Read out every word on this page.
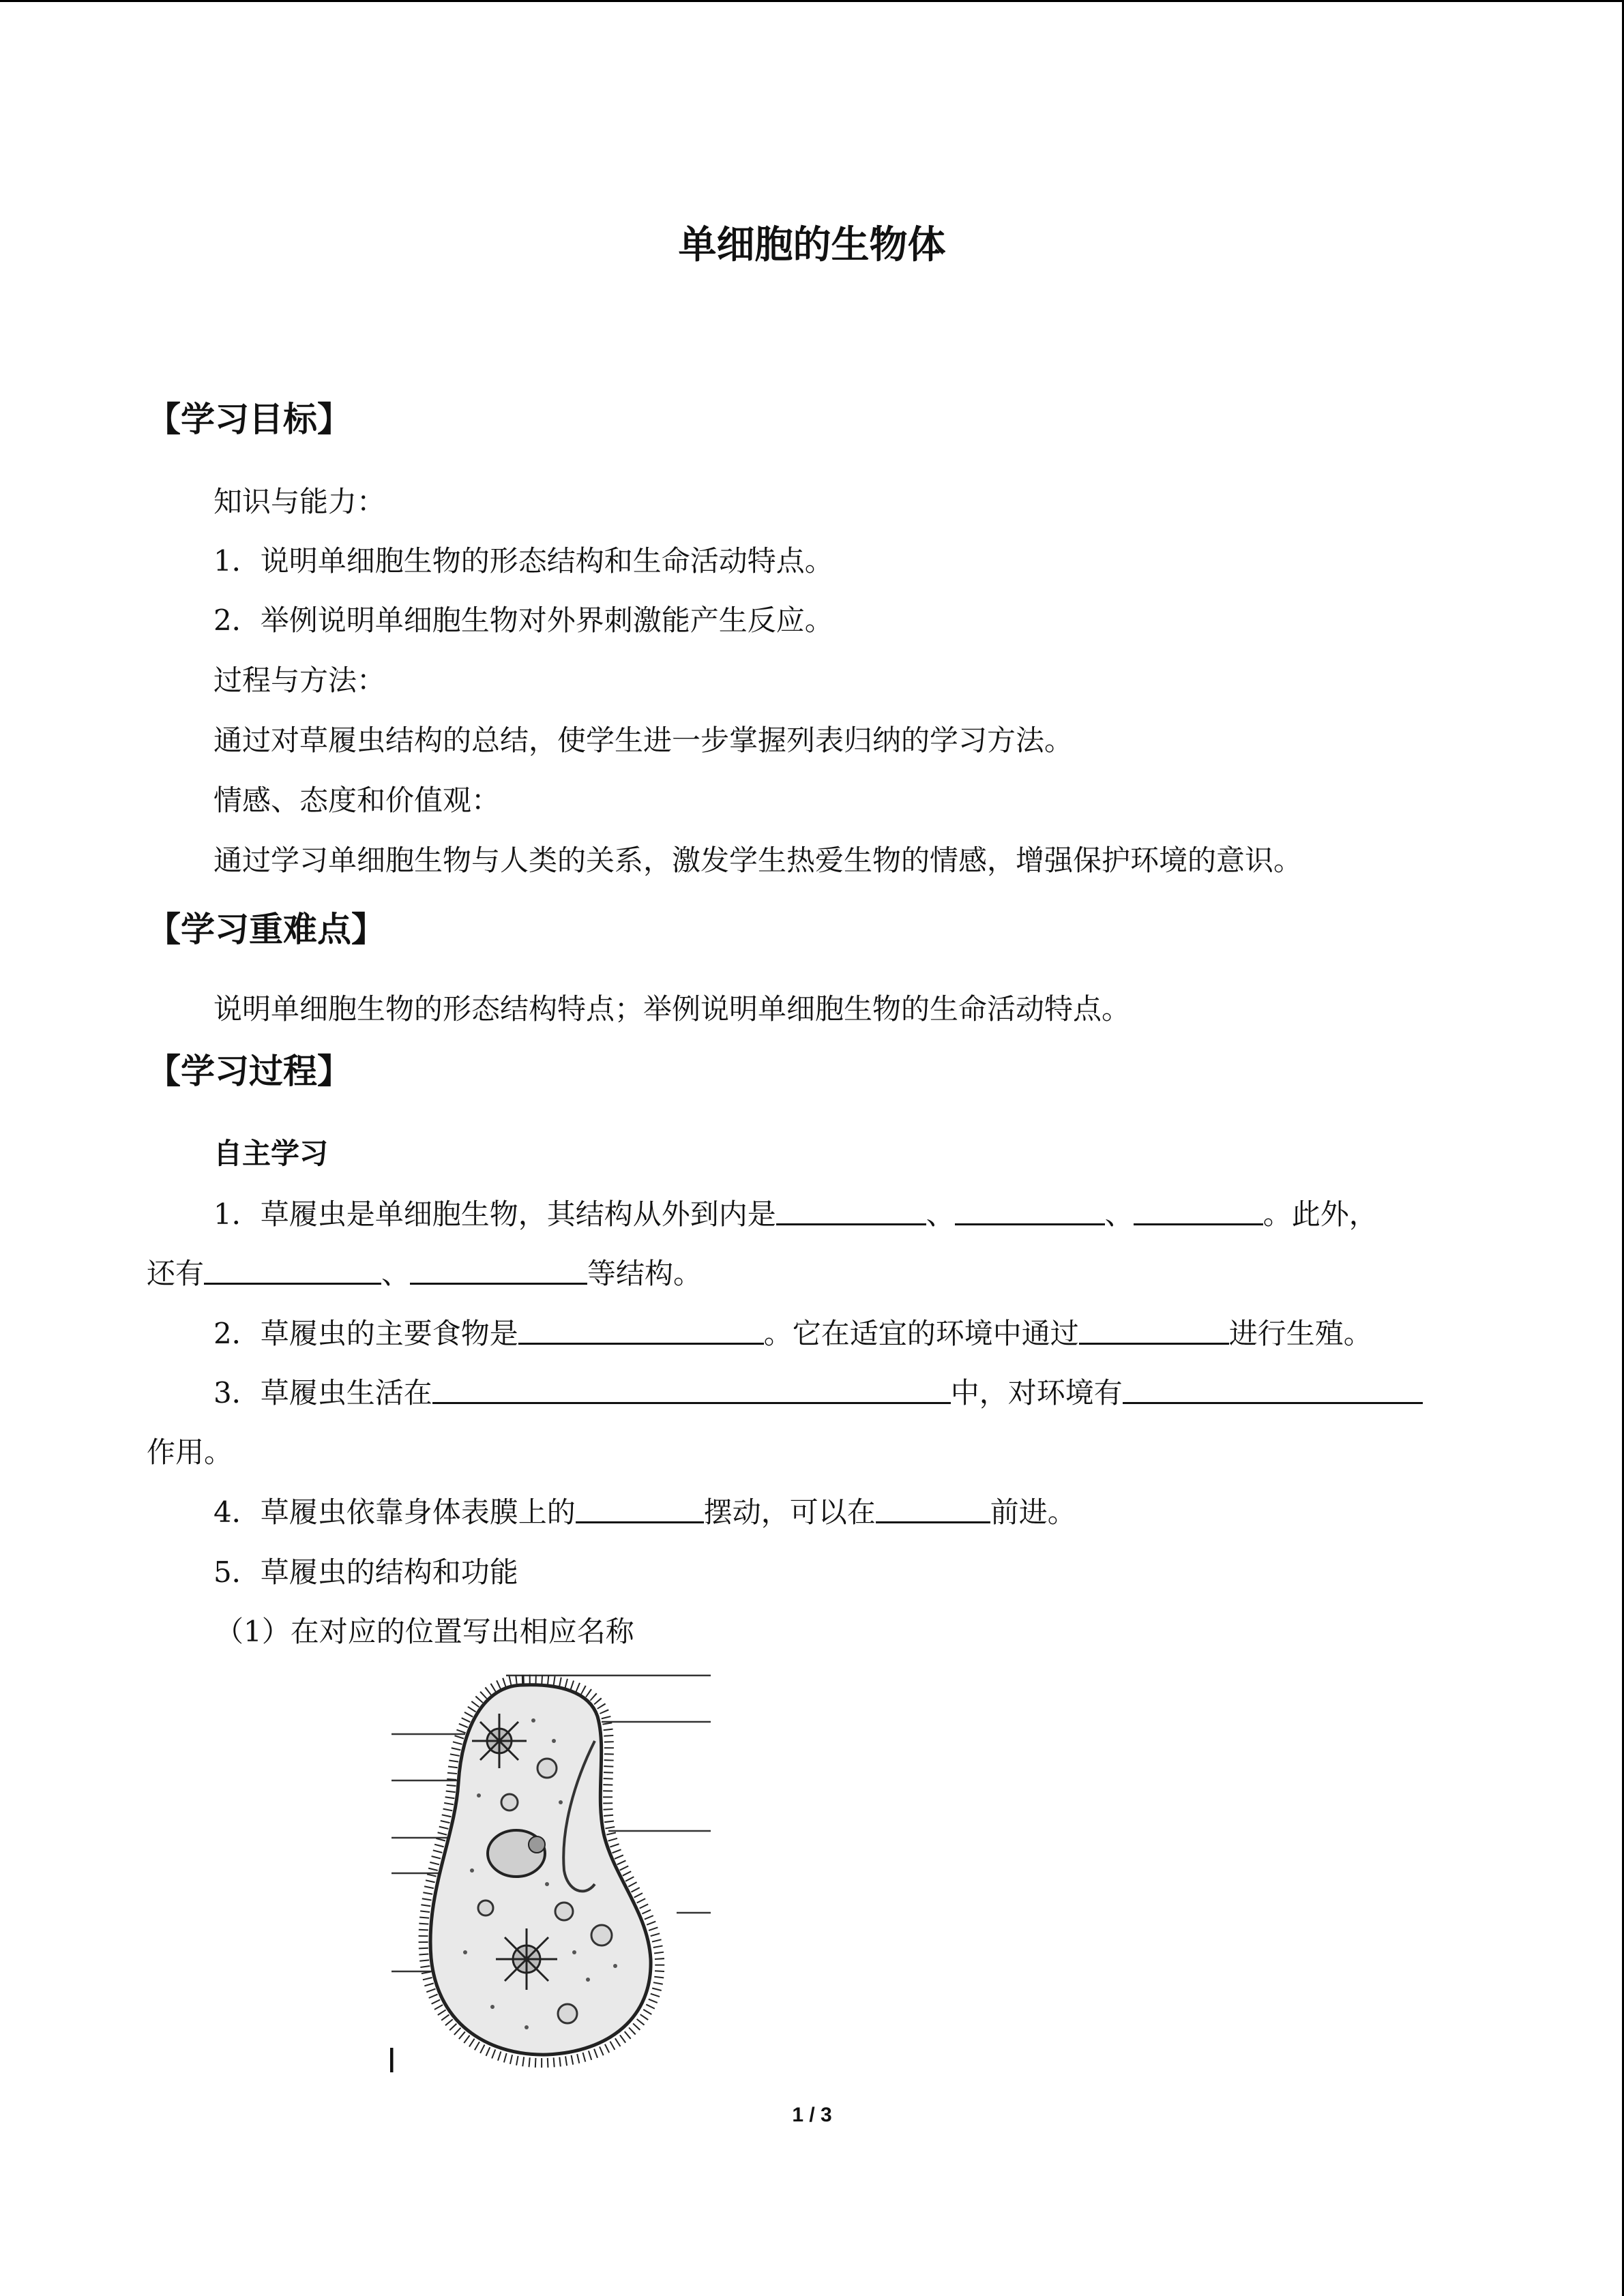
单细胞的生物体
【学习目标】
知识与能力：
1．说明单细胞生物的形态结构和生命活动特点。
2．举例说明单细胞生物对外界刺激能产生反应。
过程与方法：
通过对草履虫结构的总结，使学生进一步掌握列表归纳的学习方法。
情感、态度和价值观：
通过学习单细胞生物与人类的关系，激发学生热爱生物的情感，增强保护环境的意识。
【学习重难点】
说明单细胞生物的形态结构特点；举例说明单细胞生物的生命活动特点。
【学习过程】
自主学习
1．草履虫是单细胞生物，其结构从外到内是	、	、	。此外，
还有	、	等结构。
2．草履虫的主要食物是	。它在适宜的环境中通过	进行生殖。
3．草履虫生活在	中，对环境有
作用。
4．草履虫依靠身体表膜上的	摆动，可以在	前进。
5．草履虫的结构和功能
（1）在对应的位置写出相应名称
1 / 3
